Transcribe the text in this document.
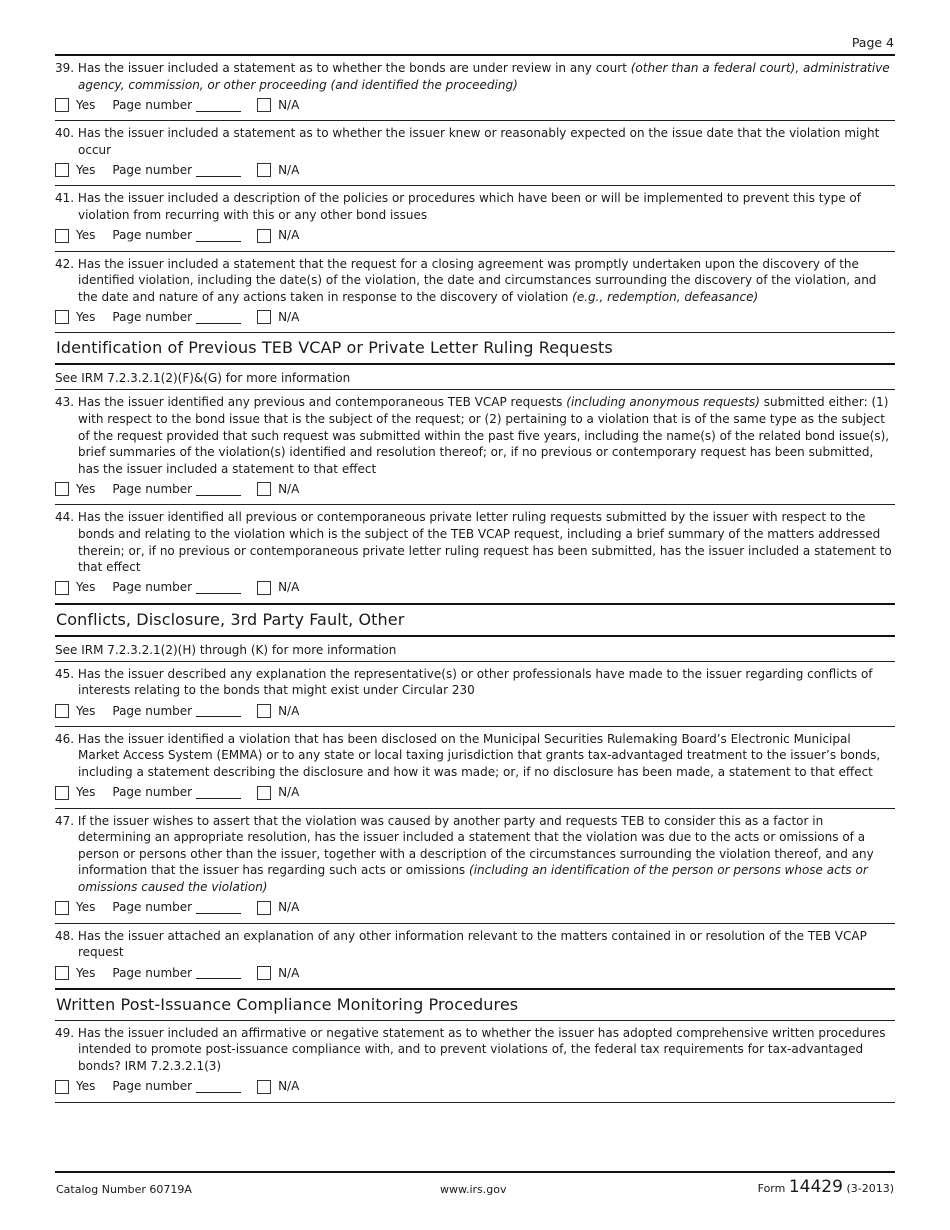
Page 4
39. Has the issuer included a statement as to whether the bonds are under review in any court (other than a federal court), administrative agency, commission, or other proceeding (and identified the proceeding)
Yes Page number	N/A
40. Has the issuer included a statement as to whether the issuer knew or reasonably expected on the issue date that the violation might occur
Yes Page number	N/A
41. Has the issuer included a description of the policies or procedures which have been or will be implemented to prevent this type of violation from recurring with this or any other bond issues
Yes Page number	N/A
42. Has the issuer included a statement that the request for a closing agreement was promptly undertaken upon the discovery of the identified violation, including the date(s) of the violation, the date and circumstances surrounding the discovery of the violation, and the date and nature of any actions taken in response to the discovery of violation (e.g., redemption, defeasance)
Yes Page number	N/A
Identification of Previous TEB VCAP or Private Letter Ruling Requests
See IRM 7.2.3.2.1(2)(F)&(G) for more information
43. Has the issuer identified any previous and contemporaneous TEB VCAP requests (including anonymous requests) submitted either: (1) with respect to the bond issue that is the subject of the request; or (2) pertaining to a violation that is of the same type as the subject of the request provided that such request was submitted within the past five years, including the name(s) of the related bond issue(s), brief summaries of the violation(s) identified and resolution thereof; or, if no previous or contemporary request has been submitted, has the issuer included a statement to that effect
Yes Page number	N/A
44. Has the issuer identified all previous or contemporaneous private letter ruling requests submitted by the issuer with respect to the bonds and relating to the violation which is the subject of the TEB VCAP request, including a brief summary of the matters addressed therein; or, if no previous or contemporaneous private letter ruling request has been submitted, has the issuer included a statement to that effect
Yes Page number	N/A
Conflicts, Disclosure, 3rd Party Fault, Other
See IRM 7.2.3.2.1(2)(H) through (K) for more information
45. Has the issuer described any explanation the representative(s) or other professionals have made to the issuer regarding conflicts of interests relating to the bonds that might exist under Circular 230
Yes Page number	N/A
46. Has the issuer identified a violation that has been disclosed on the Municipal Securities Rulemaking Board’s Electronic Municipal Market Access System (EMMA) or to any state or local taxing jurisdiction that grants tax-advantaged treatment to the issuer’s bonds, including a statement describing the disclosure and how it was made; or, if no disclosure has been made, a statement to that effect
Yes Page number	N/A
47. If the issuer wishes to assert that the violation was caused by another party and requests TEB to consider this as a factor in determining an appropriate resolution, has the issuer included a statement that the violation was due to the acts or omissions of a person or persons other than the issuer, together with a description of the circumstances surrounding the violation thereof, and any information that the issuer has regarding such acts or omissions (including an identification of the person or persons whose acts or omissions caused the violation)
Yes Page number	N/A
48. Has the issuer attached an explanation of any other information relevant to the matters contained in or resolution of the TEB VCAP request
Yes Page number	N/A
Written Post-Issuance Compliance Monitoring Procedures
49. Has the issuer included an affirmative or negative statement as to whether the issuer has adopted comprehensive written procedures intended to promote post-issuance compliance with, and to prevent violations of, the federal tax requirements for tax-advantaged bonds? IRM 7.2.3.2.1(3)
Yes Page number	N/A
Catalog Number 60719A	www.irs.gov	Form 14429 (3-2013)
